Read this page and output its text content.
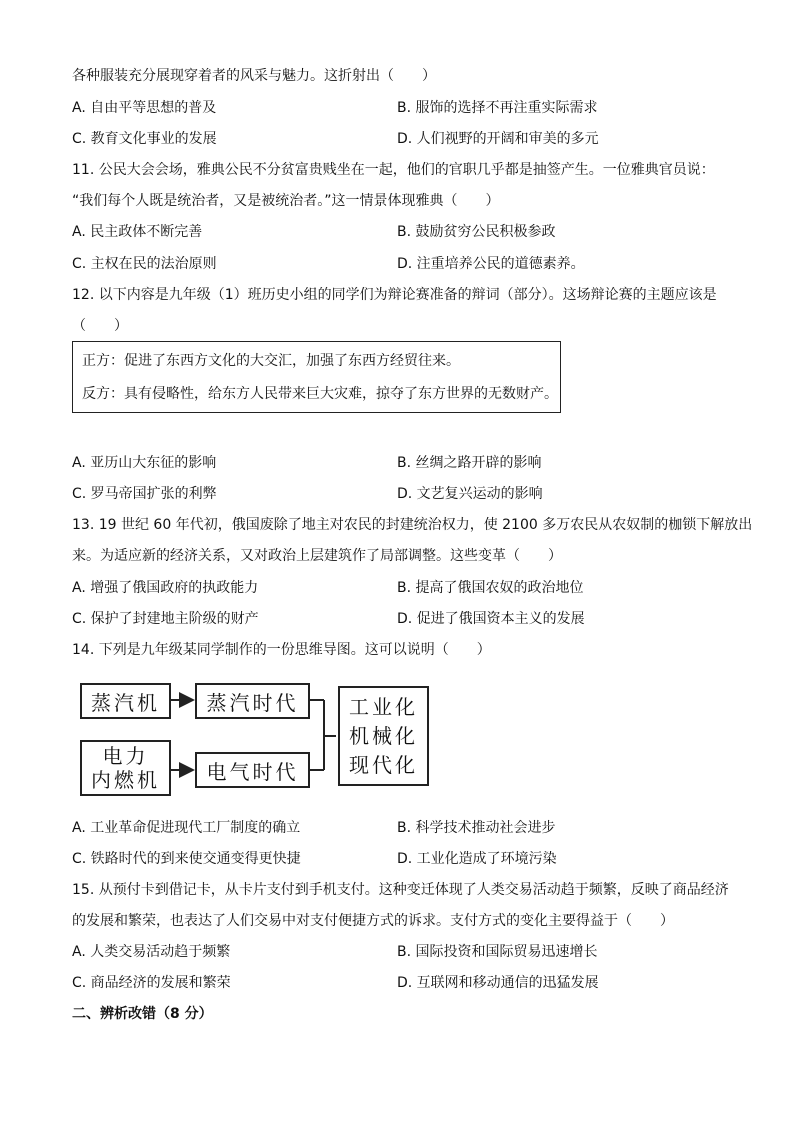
各种服装充分展现穿着者的风采与魅力。这折射出（　　）
A. 自由平等思想的普及	B. 服饰的选择不再注重实际需求
C. 教育文化事业的发展	D. 人们视野的开阔和审美的多元
11. 公民大会会场，雅典公民不分贫富贵贱坐在一起，他们的官职几乎都是抽签产生。一位雅典官员说：
“我们每个人既是统治者，又是被统治者。”这一情景体现雅典（　　）
A. 民主政体不断完善	B. 鼓励贫穷公民积极参政
C. 主权在民的法治原则	D. 注重培养公民的道德素养。
12. 以下内容是九年级（1）班历史小组的同学们为辩论赛准备的辩词（部分）。这场辩论赛的主题应该是
（　　）
正方：促进了东西方文化的大交汇，加强了东西方经贸往来。
反方：具有侵略性，给东方人民带来巨大灾难，掠夺了东方世界的无数财产。
A. 亚历山大东征的影响	B. 丝绸之路开辟的影响
C. 罗马帝国扩张的利弊	D. 文艺复兴运动的影响
13. 19 世纪 60 年代初，俄国废除了地主对农民的封建统治权力，使 2100 多万农民从农奴制的枷锁下解放出
来。为适应新的经济关系，又对政治上层建筑作了局部调整。这些变革（　　）
A. 增强了俄国政府的执政能力	B. 提高了俄国农奴的政治地位
C. 保护了封建地主阶级的财产	D. 促进了俄国资本主义的发展
14. 下列是九年级某同学制作的一份思维导图。这可以说明（　　）
蒸汽机 蒸汽时代
电力
内燃机 电气时代
工业化
机械化
现代化
A. 工业革命促进现代工厂制度的确立	B. 科学技术推动社会进步
C. 铁路时代的到来使交通变得更快捷	D. 工业化造成了环境污染
15. 从预付卡到借记卡，从卡片支付到手机支付。这种变迁体现了人类交易活动趋于频繁，反映了商品经济
的发展和繁荣，也表达了人们交易中对支付便捷方式的诉求。支付方式的变化主要得益于（　　）
A. 人类交易活动趋于频繁	B. 国际投资和国际贸易迅速增长
C. 商品经济的发展和繁荣	D. 互联网和移动通信的迅猛发展
二、辨析改错（8 分）
